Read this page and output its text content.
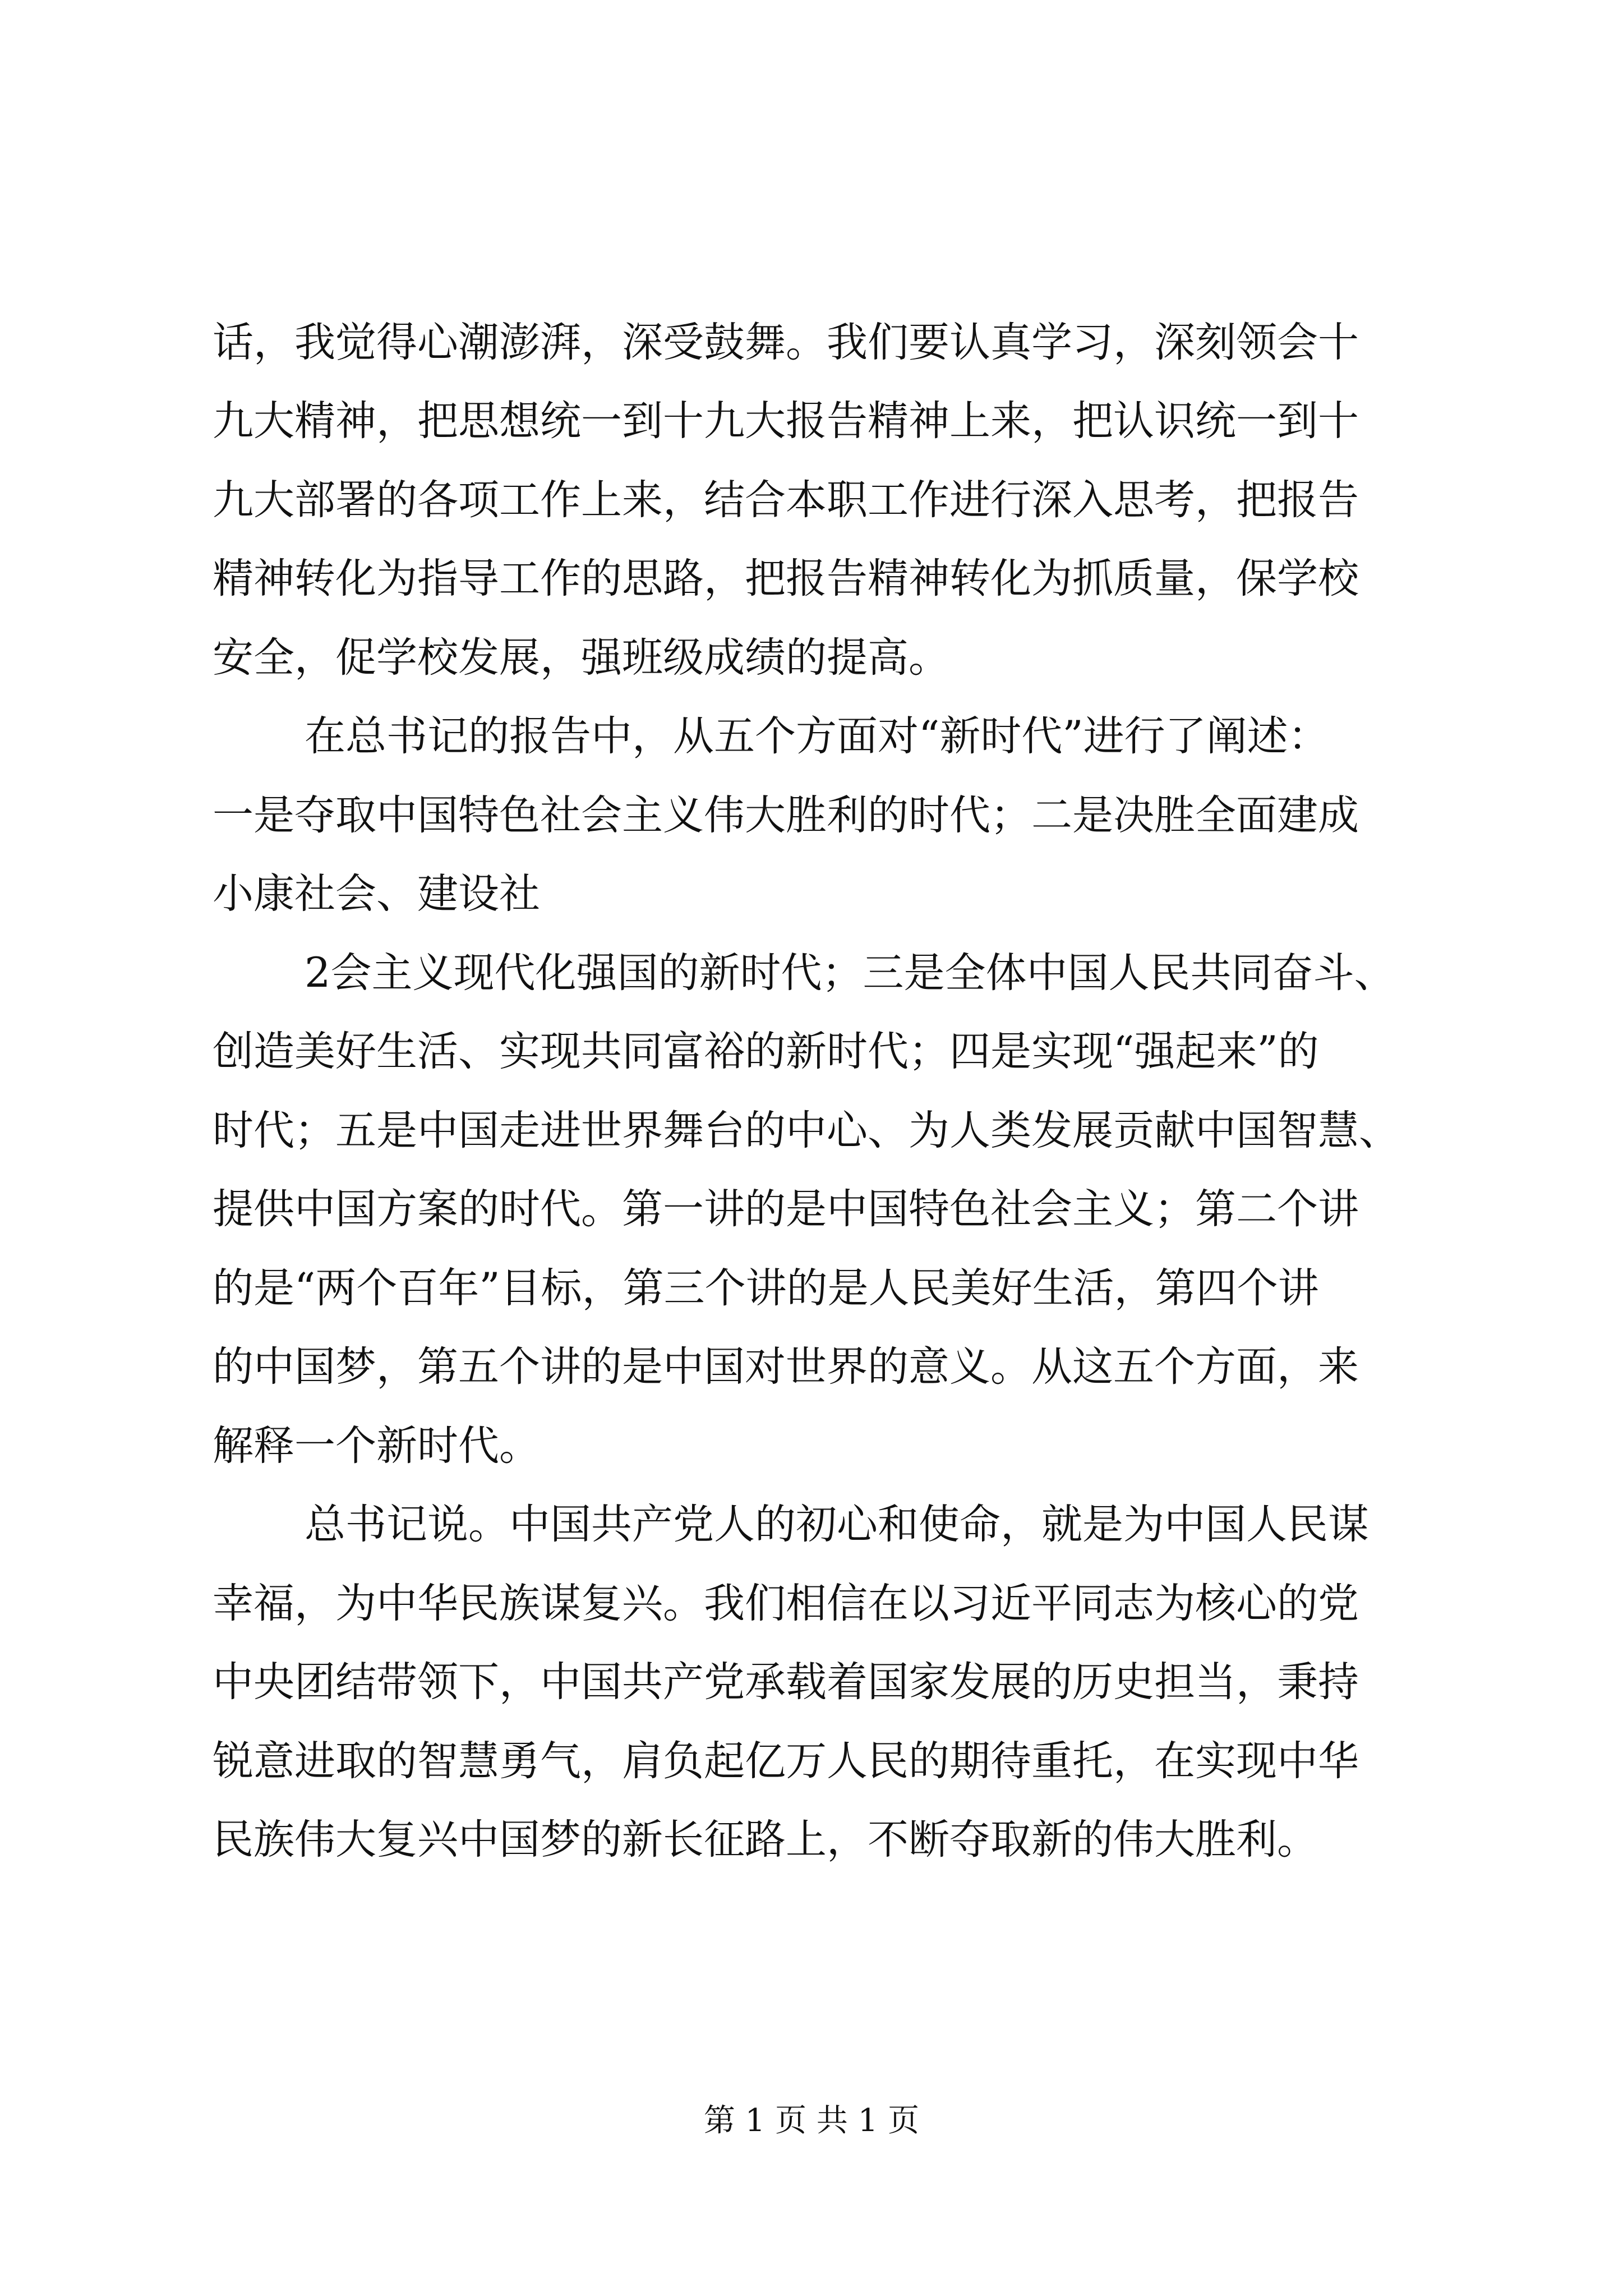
话，我觉得心潮澎湃，深受鼓舞。我们要认真学习，深刻领会十

九大精神，把思想统一到十九大报告精神上来，把认识统一到十

九大部署的各项工作上来，结合本职工作进行深入思考，把报告

精神转化为指导工作的思路，把报告精神转化为抓质量，保学校

安全，促学校发展，强班级成绩的提高。

在总书记的报告中，从五个方面对“新时代”进行了阐述：

一是夺取中国特色社会主义伟大胜利的时代；二是决胜全面建成

小康社会、建设社

2会主义现代化强国的新时代；三是全体中国人民共同奋斗、

创造美好生活、实现共同富裕的新时代；四是实现“强起来”的

时代；五是中国走进世界舞台的中心、为人类发展贡献中国智慧、

提供中国方案的时代。第一讲的是中国特色社会主义；第二个讲

的是“两个百年”目标，第三个讲的是人民美好生活，第四个讲

的中国梦，第五个讲的是中国对世界的意义。从这五个方面，来

解释一个新时代。

总书记说。中国共产党人的初心和使命，就是为中国人民谋

幸福，为中华民族谋复兴。我们相信在以习近平同志为核心的党

中央团结带领下，中国共产党承载着国家发展的历史担当，秉持

锐意进取的智慧勇气，肩负起亿万人民的期待重托，在实现中华

民族伟大复兴中国梦的新长征路上，不断夺取新的伟大胜利。

第 1 页 共 1 页
